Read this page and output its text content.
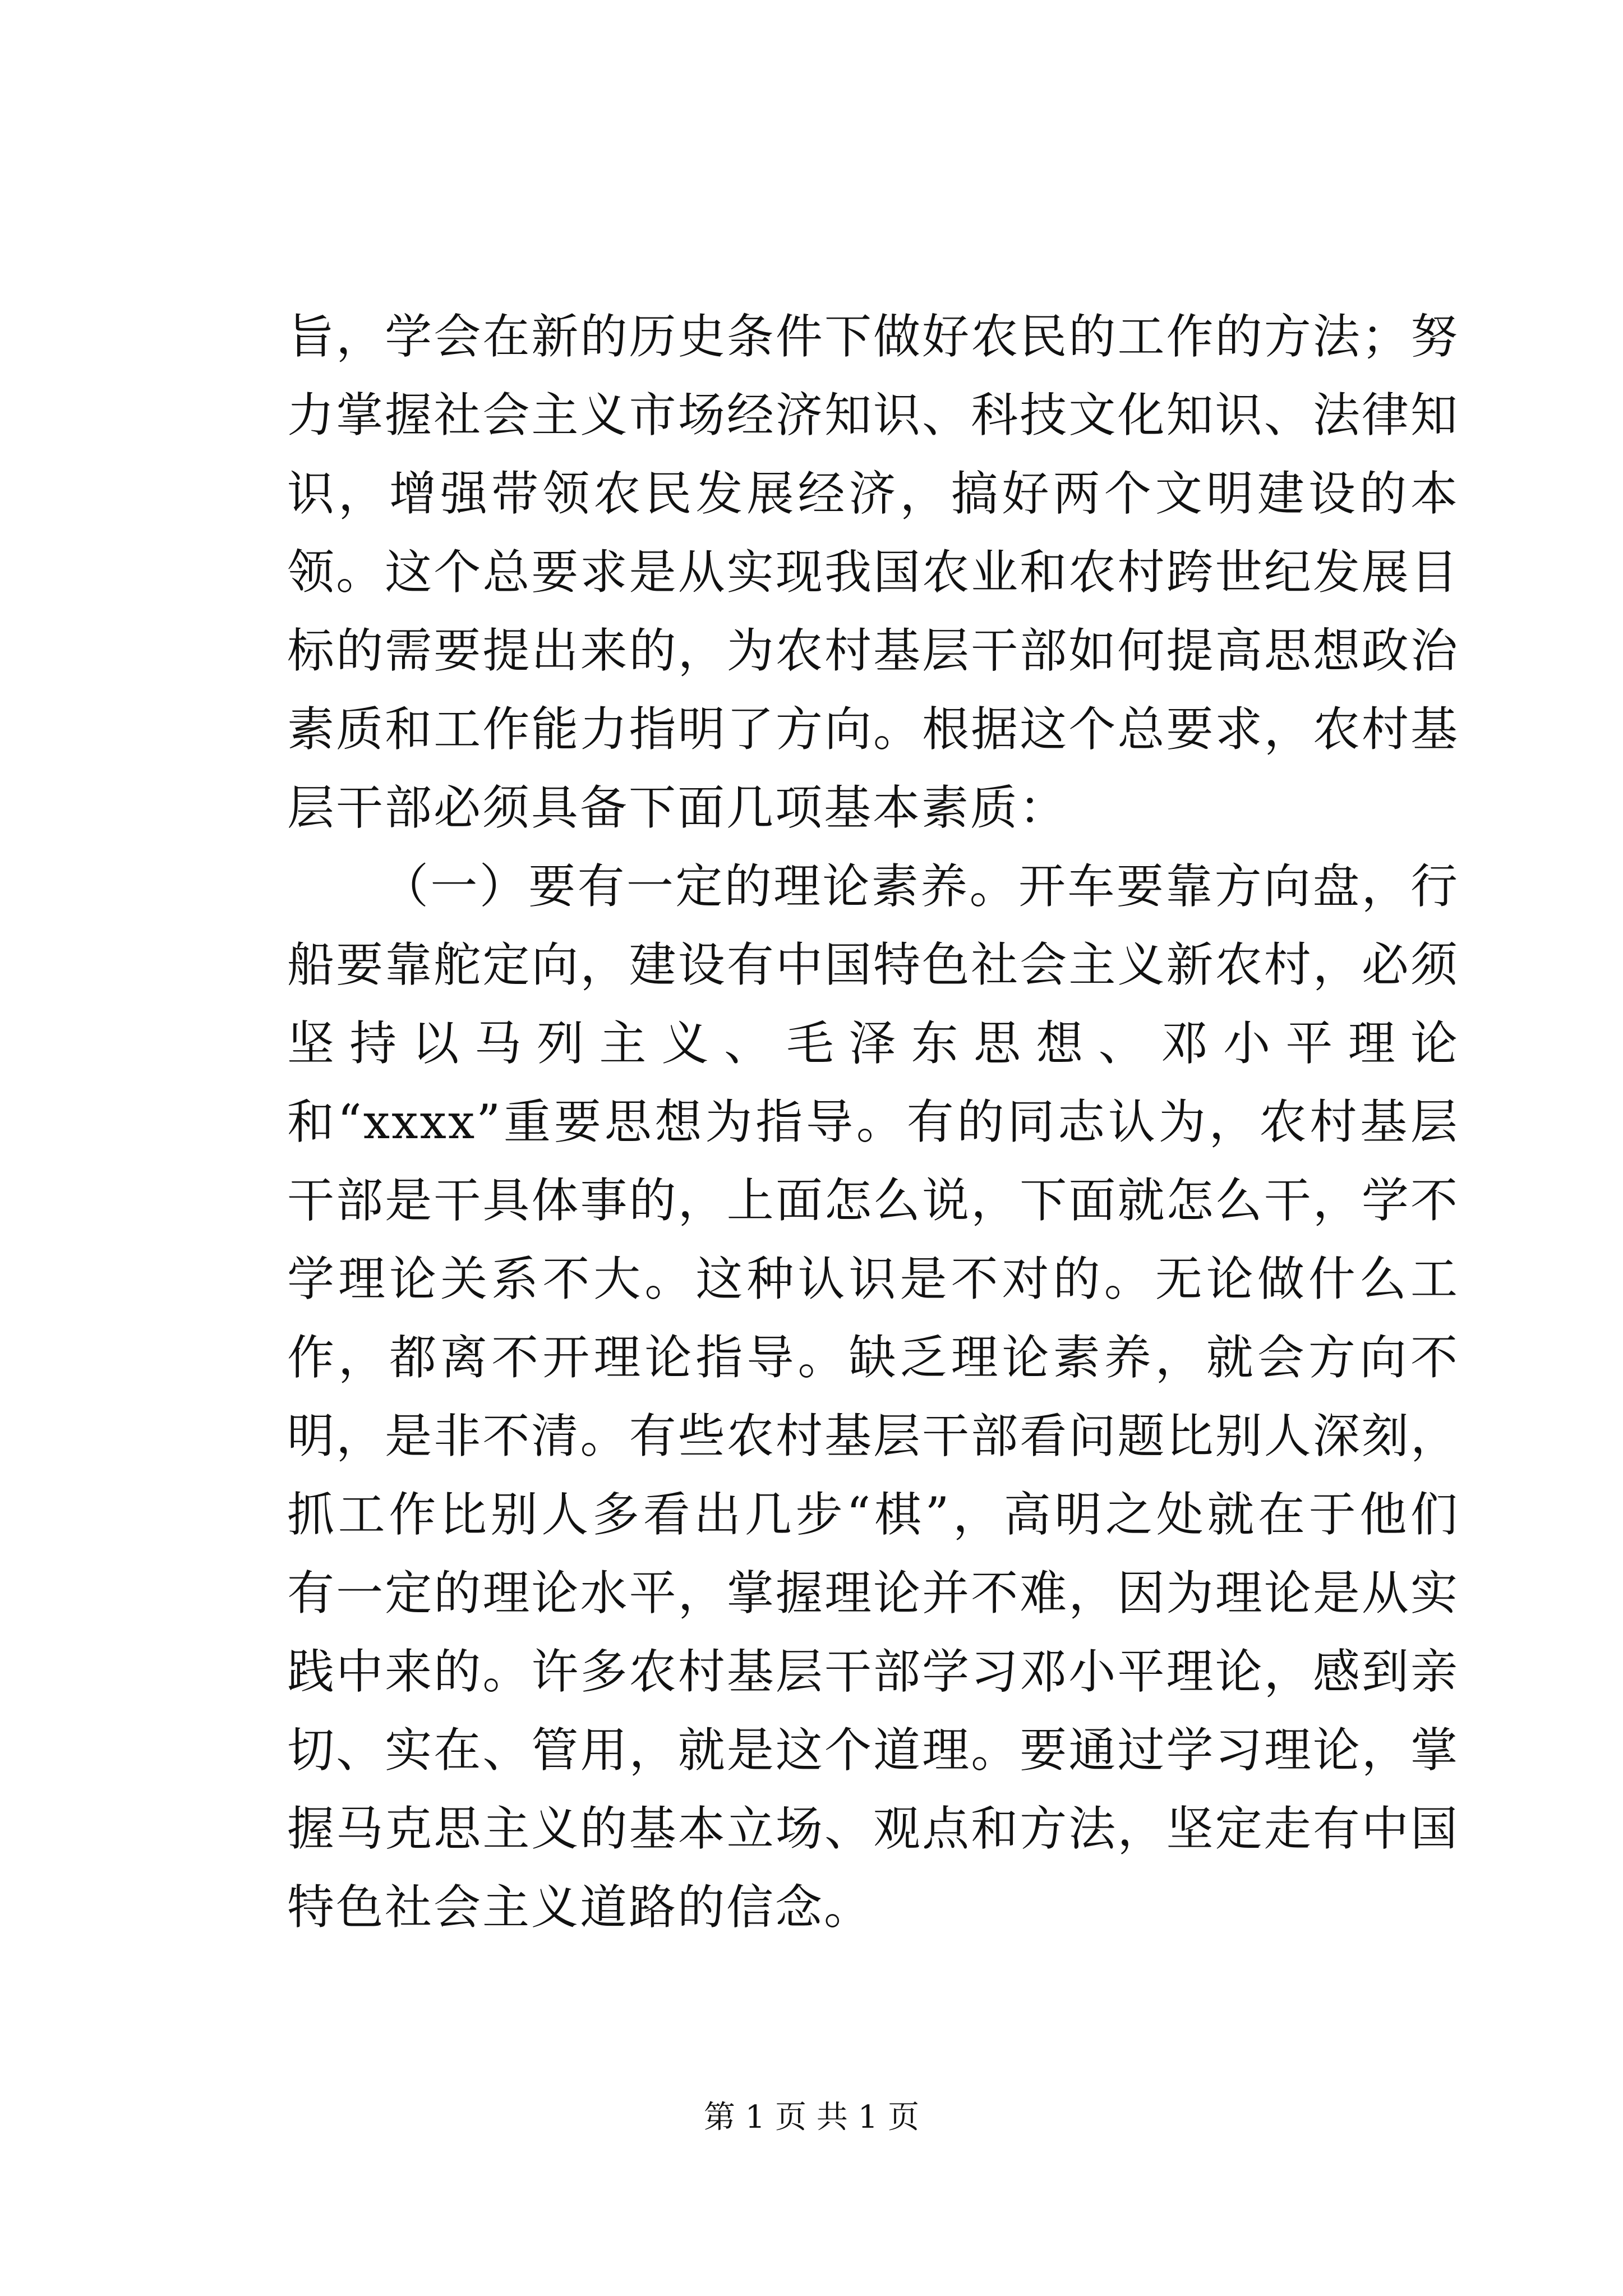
旨，学会在新的历史条件下做好农民的工作的方法；努力掌握社会主义市场经济知识、科技文化知识、法律知识，增强带领农民发展经济，搞好两个文明建设的本领。这个总要求是从实现我国农业和农村跨世纪发展目标的需要提出来的，为农村基层干部如何提高思想政治素质和工作能力指明了方向。根据这个总要求，农村基层干部必须具备下面几项基本素质：

（一）要有一定的理论素养。开车要靠方向盘，行船要靠舵定向，建设有中国特色社会主义新农村，必须坚持以马列主义、毛泽东思想、邓小平理论和“xxxx”重要思想为指导。有的同志认为，农村基层干部是干具体事的，上面怎么说，下面就怎么干，学不学理论关系不大。这种认识是不对的。无论做什么工作，都离不开理论指导。缺乏理论素养，就会方向不明，是非不清。有些农村基层干部看问题比别人深刻，抓工作比别人多看出几步“棋”，高明之处就在于他们有一定的理论水平，掌握理论并不难，因为理论是从实践中来的。许多农村基层干部学习邓小平理论，感到亲切、实在、管用，就是这个道理。要通过学习理论，掌握马克思主义的基本立场、观点和方法，坚定走有中国特色社会主义道路的信念。

第 1 页 共 1 页
